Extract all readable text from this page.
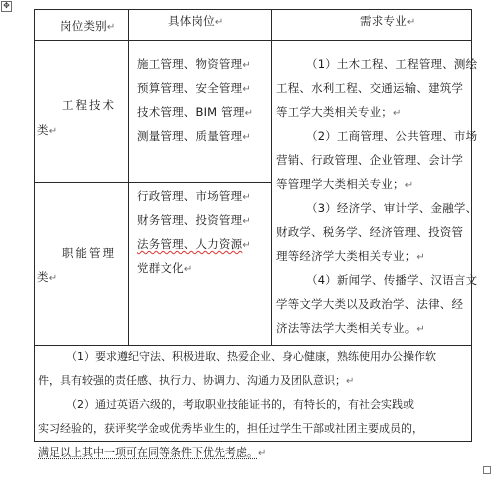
✥
岗位类别↵	具体岗位↵	需求专业↵
工程技术
类↵
施工管理、物资管理↵
预算管理、安全管理↵
技术管理、BIM 管理↵
测量管理、质量管理↵
职能管理
类↵
行政管理、市场管理↵
财务管理、投资管理↵
法务管理、人力资源↵
党群文化↵
（1）土木工程、工程管理、测绘
工程、水利工程、交通运输、建筑学
等工学大类相关专业；↵
（2）工商管理、公共管理、市场
营销、行政管理、企业管理、会计学
等管理学大类相关专业；↵
（3）经济学、审计学、金融学、
财政学、税务学、经济管理、投资管
理等经济学大类相关专业；↵
（4）新闻学、传播学、汉语言文
学等文学大类以及政治学、法律、经
济法等法学大类相关专业。↵
（1）要求遵纪守法、积极进取、热爱企业、身心健康，熟练使用办公操作软
件，具有较强的责任感、执行力、协调力、沟通力及团队意识；↵
（2）通过英语六级的，考取职业技能证书的，有特长的，有社会实践或
实习经验的，获评奖学金或优秀毕业生的，担任过学生干部或社团主要成员的，
满足以上其中一项可在同等条件下优先考虑。↵
